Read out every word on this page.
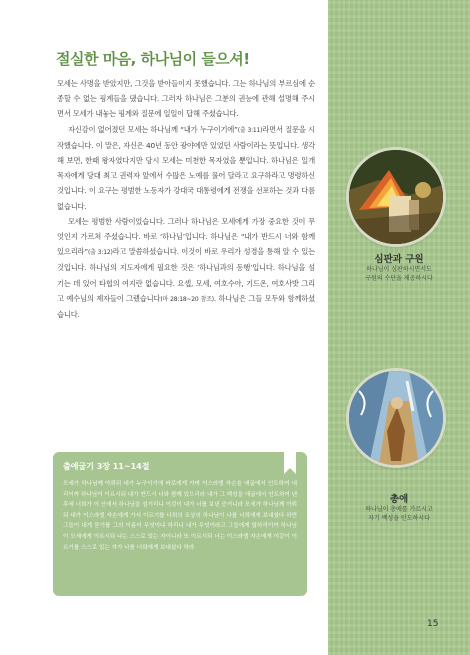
절실한 마음, 하나님이 들으셔!

모세는 사명을 받았지만, 그것을 받아들이지 못했습니다. 그는 하나님의 부르심에 순종할 수 없는 핑계들을 댔습니다. 그러자 하나님은 그분의 권능에 관해 설명해 주시면서 모세가 내놓는 핑계와 질문에 일일이 답해 주셨습니다.

자신감이 없어졌던 모세는 하나님께 “내가 누구이기에”(출 3:11)라면서 질문을 시작했습니다. 이 말은, 자신은 40년 동안 광야에만 있었던 사람이라는 뜻입니다. 생각해 보면, 한때 왕자였다지만 당시 모세는 미천한 목자였을 뿐입니다. 하나님은 일개 목자에게 당대 최고 권력자 앞에서 수많은 노예를 풀어 달라고 요구하라고 명령하신 것입니다. 이 요구는 평범한 노동자가 강대국 대통령에게 전쟁을 선포하는 것과 다름없습니다.

모세는 평범한 사람이었습니다. 그러나 하나님은 모세에게 가장 중요한 것이 무엇인지 가르쳐 주셨습니다. 바로 ‘하나님’입니다. 하나님은 “내가 반드시 너와 함께 있으리라”(출 3:12)라고 말씀하셨습니다. 이것이 바로 우리가 성경을 통해 알 수 있는 것입니다. 하나님의 지도자에게 필요한 것은 ‘하나님과의 동행’입니다. 하나님을 섬기는 데 있어 타협의 여지란 없습니다. 요셉, 모세, 여호수아, 기드온, 여호사밧 그리고 예수님의 제자들이 그랬습니다(마 28:18~20 참조). 하나님은 그들 모두와 함께하셨습니다.

출애굽기 3장 11~14절

모세가 하나님께 아뢰되 내가 누구이기에 바로에게 가며 이스라엘 자손을 애굽에서 인도하여 내리이까 하나님이 이르시되 내가 반드시 너와 함께 있으리라 내가 그 백성을 애굽에서 인도하여 낸 후에 너희가 이 산에서 하나님을 섬기리니 이것이 내가 너를 보낸 증거니라 모세가 하나님께 아뢰되 내가 이스라엘 자손에게 가서 이르기를 너희의 조상의 하나님이 나를 너희에게 보내셨다 하면 그들이 내게 묻기를 그의 이름이 무엇이냐 하리니 내가 무엇이라고 그들에게 말하리이까 하나님이 모세에게 이르시되 나는 스스로 있는 자이니라 또 이르시되 너는 이스라엘 자손에게 이같이 이르기를 스스로 있는 자가 나를 너희에게 보내셨다 하라

심판과 구원
하나님이 심판하시면서도
구원의 수단을 제공하시다
총애
하나님이 총애를 가르시고
자기 백성을 인도하시다
15
